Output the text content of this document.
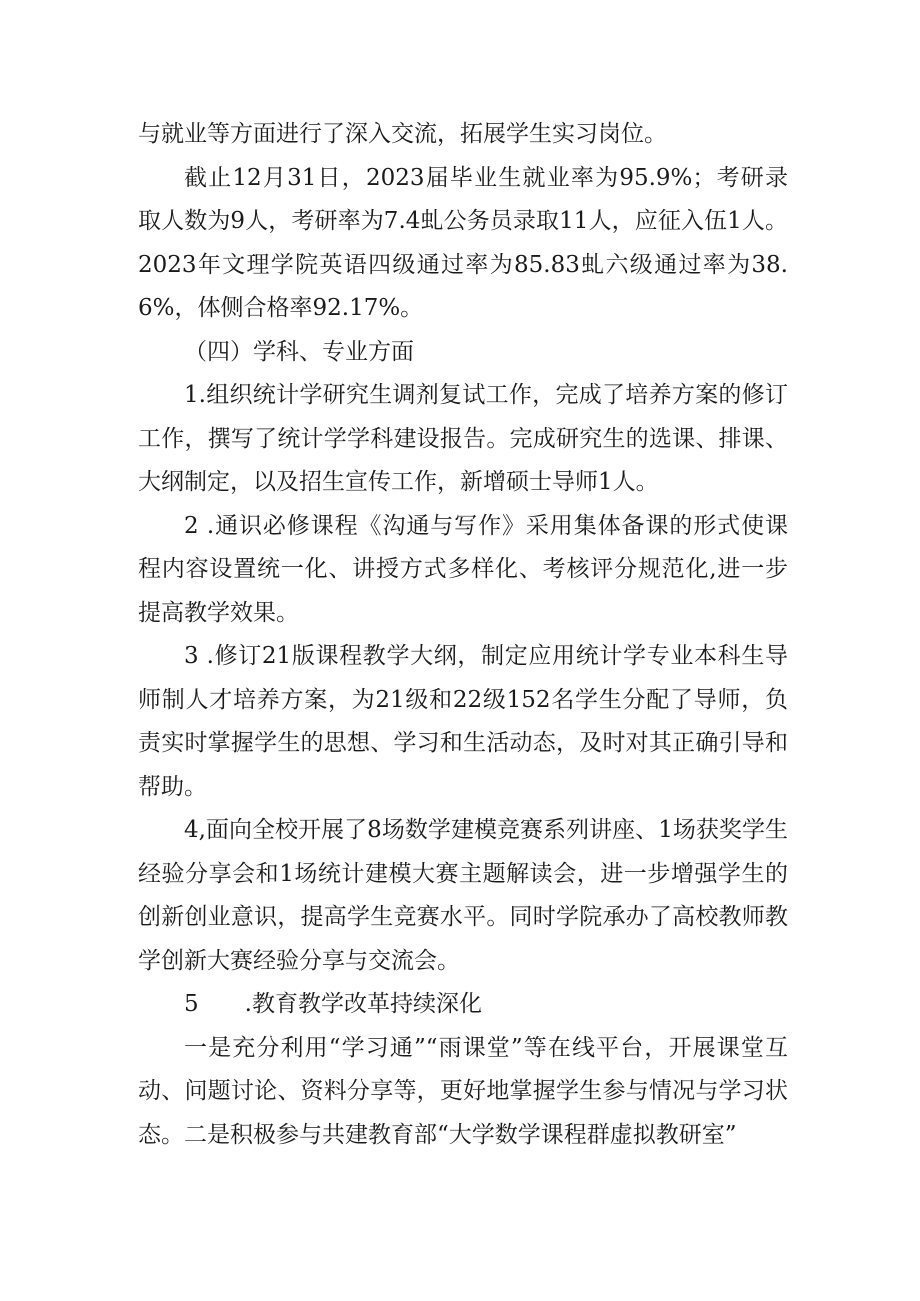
与就业等方面进行了深入交流，拓展学生实习岗位。

截止12月31日，2023届毕业生就业率为95.9%；考研录取人数为9人，考研率为7.4虬公务员录取11人，应征入伍1人。2023年文理学院英语四级通过率为85.83虬六级通过率为38.6%，体侧合格率92.17%。

（四）学科、专业方面

1.组织统计学研究生调剂复试工作，完成了培养方案的修订工作，撰写了统计学学科建设报告。完成研究生的选课、排课、大纲制定，以及招生宣传工作，新增硕士导师1人。

2 .通识必修课程《沟通与写作》采用集体备课的形式使课程内容设置统一化、讲授方式多样化、考核评分规范化,进一步提高教学效果。

3 .修订21版课程教学大纲，制定应用统计学专业本科生导师制人才培养方案，为21级和22级152名学生分配了导师，负责实时掌握学生的思想、学习和生活动态，及时对其正确引导和帮助。

4,面向全校开展了8场数学建模竞赛系列讲座、1场获奖学生经验分享会和1场统计建模大赛主题解读会，进一步增强学生的创新创业意识，提高学生竞赛水平。同时学院承办了高校教师教学创新大赛经验分享与交流会。

5 .教育教学改革持续深化

一是充分利用“学习通”“雨课堂”等在线平台，开展课堂互动、问题讨论、资料分享等，更好地掌握学生参与情况与学习状态。二是积极参与共建教育部“大学数学课程群虚拟教研室”
